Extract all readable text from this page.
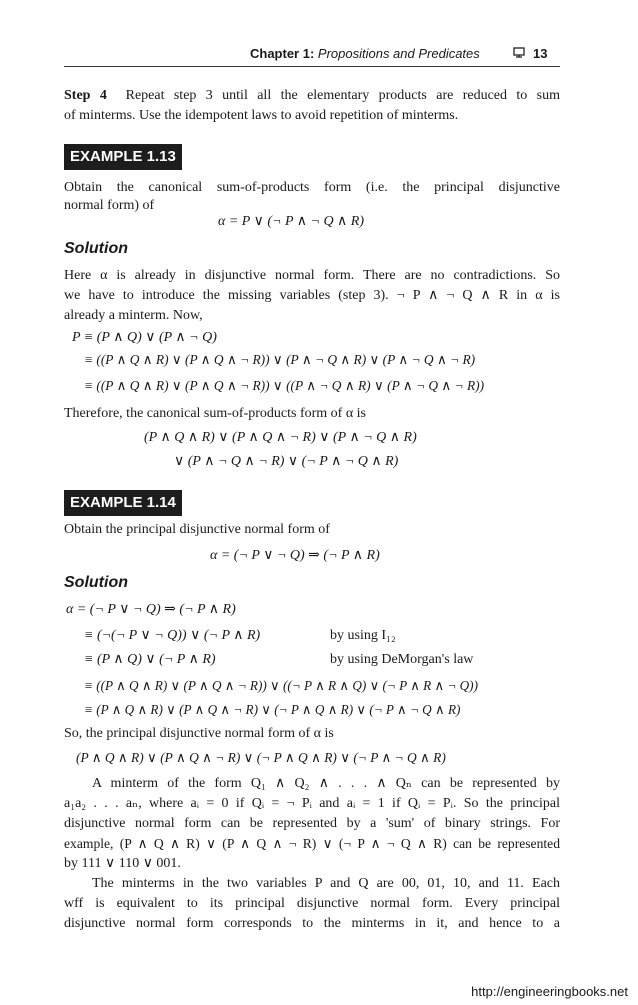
Chapter 1: Propositions and Predicates	13
Step 4 Repeat step 3 until all the elementary products are reduced to sum
of minterms. Use the idempotent laws to avoid repetition of minterms.
EXAMPLE 1.13
Obtain the canonical sum-of-products form (i.e. the principal disjunctive
normal form) of
α = P ∨ (¬ P ∧ ¬ Q ∧ R)
Solution
Here α is already in disjunctive normal form. There are no contradictions. So
we have to introduce the missing variables (step 3). ¬ P ∧ ¬ Q ∧ R in α is
already a minterm. Now,
P ≡ (P ∧ Q) ∨ (P ∧ ¬ Q)
≡ ((P ∧ Q ∧ R) ∨ (P ∧ Q ∧ ¬ R)) ∨ (P ∧ ¬ Q ∧ R) ∨ (P ∧ ¬ Q ∧ ¬ R)
≡ ((P ∧ Q ∧ R) ∨ (P ∧ Q ∧ ¬ R)) ∨ ((P ∧ ¬ Q ∧ R) ∨ (P ∧ ¬ Q ∧ ¬ R))
Therefore, the canonical sum-of-products form of α is
(P ∧ Q ∧ R) ∨ (P ∧ Q ∧ ¬ R) ∨ (P ∧ ¬ Q ∧ R)
∨ (P ∧ ¬ Q ∧ ¬ R) ∨ (¬ P ∧ ¬ Q ∧ R)
EXAMPLE 1.14
Obtain the principal disjunctive normal form of
α = (¬ P ∨ ¬ Q) ⇒ (¬ P ∧ R)
Solution
α = (¬ P ∨ ¬ Q) ⇒ (¬ P ∧ R)
≡ (¬(¬ P ∨ ¬ Q)) ∨ (¬ P ∧ R)	by using I₁₂
≡ (P ∧ Q) ∨ (¬ P ∧ R)	by using DeMorgan's law
≡ ((P ∧ Q ∧ R) ∨ (P ∧ Q ∧ ¬ R)) ∨ ((¬ P ∧ R ∧ Q) ∨ (¬ P ∧ R ∧ ¬ Q))
≡ (P ∧ Q ∧ R) ∨ (P ∧ Q ∧ ¬ R) ∨ (¬ P ∧ Q ∧ R) ∨ (¬ P ∧ ¬ Q ∧ R)
So, the principal disjunctive normal form of α is
(P ∧ Q ∧ R) ∨ (P ∧ Q ∧ ¬ R) ∨ (¬ P ∧ Q ∧ R) ∨ (¬ P ∧ ¬ Q ∧ R)
A minterm of the form Q₁ ∧ Q₂ ∧ . . . ∧ Qₙ can be represented by
a₁a₂ . . . aₙ, where aᵢ = 0 if Qᵢ = ¬ Pᵢ and aᵢ = 1 if Qᵢ = Pᵢ. So the principal
disjunctive normal form can be represented by a 'sum' of binary strings. For
example, (P ∧ Q ∧ R) ∨ (P ∧ Q ∧ ¬ R) ∨ (¬ P ∧ ¬ Q ∧ R) can be represented
by 111 ∨ 110 ∨ 001.
The minterms in the two variables P and Q are 00, 01, 10, and 11. Each
wff is equivalent to its principal disjunctive normal form. Every principal
disjunctive normal form corresponds to the minterms in it, and hence to a
http://engineeringbooks.net
